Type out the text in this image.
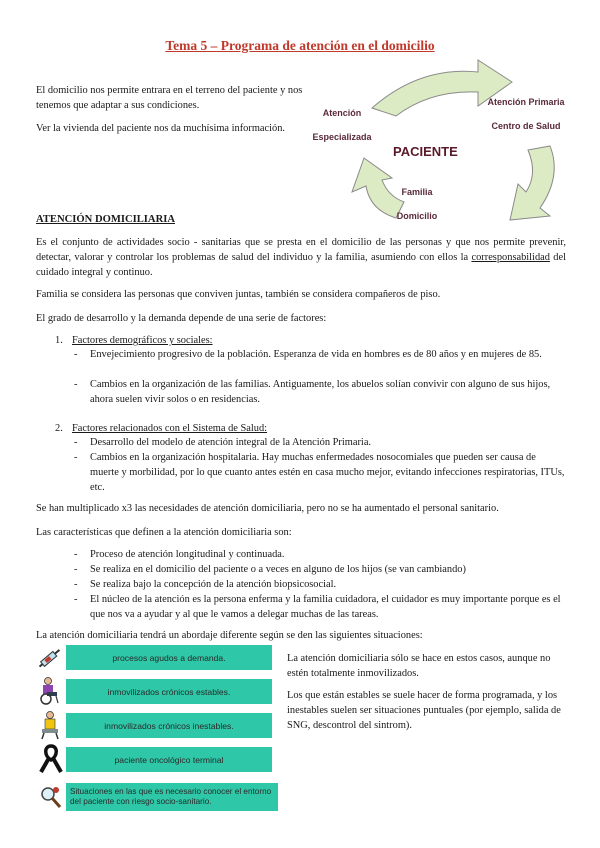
Tema 5 – Programa de atención en el domicilio
El domicilio nos permite entrara en el terreno del paciente y nos tenemos que adaptar a sus condiciones.
Ver la vivienda del paciente nos da muchísima información.
Atención
Especializada
Atención Primaria
Centro de Salud
Familia
Domicilio
PACIENTE
ATENCIÓN DOMICILIARIA
Es el conjunto de actividades socio - sanitarias que se presta en el domicilio de las personas y que nos permite prevenir, detectar, valorar y controlar los problemas de salud del individuo y la familia, asumiendo con ellos la corresponsabilidad del cuidado integral y continuo.
Familia se considera las personas que conviven juntas, también se considera compañeros de piso.
El grado de desarrollo y la demanda depende de una serie de factores:
1. Factores demográficos y sociales:
- Envejecimiento progresivo de la población. Esperanza de vida en hombres es de 80 años y en mujeres de 85.
- Cambios en la organización de las familias. Antiguamente, los abuelos solían convivir con alguno de sus hijos, ahora suelen vivir solos o en residencias.
2. Factores relacionados con el Sistema de Salud:
- Desarrollo del modelo de atención integral de la Atención Primaria.
- Cambios en la organización hospitalaria. Hay muchas enfermedades nosocomiales que pueden ser causa de muerte y morbilidad, por lo que cuanto antes estén en casa mucho mejor, evitando infecciones respiratorias, ITUs, etc.
Se han multiplicado x3 las necesidades de atención domiciliaria, pero no se ha aumentado el personal sanitario.
Las características que definen a la atención domiciliaria son:
- Proceso de atención longitudinal y continuada.
- Se realiza en el domicilio del paciente o a veces en alguno de los hijos (se van cambiando)
- Se realiza bajo la concepción de la atención biopsicosocial.
- El núcleo de la atención es la persona enferma y la familia cuidadora, el cuidador es muy importante porque es el que nos va a ayudar y al que le vamos a delegar muchas de las tareas.
La atención domiciliaria tendrá un abordaje diferente según se den las siguientes situaciones:
procesos agudos a demanda.
inmovilizados crónicos estables.
inmovilizados crónicos inestables.
paciente oncológico terminal
Situaciones en las que es necesario conocer el entorno del paciente con riesgo socio-sanitario.
La atención domiciliaria sólo se hace en estos casos, aunque no estén totalmente inmovilizados.
Los que están estables se suele hacer de forma programada, y los inestables suelen ser situaciones puntuales (por ejemplo, salida de SNG, descontrol del sintrom).
